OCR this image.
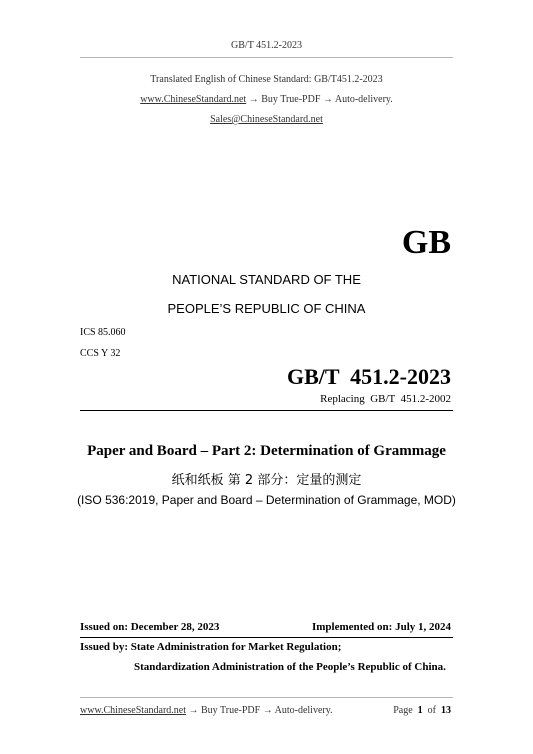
GB/T 451.2-2023
Translated English of Chinese Standard: GB/T451.2-2023
www.ChineseStandard.net → Buy True-PDF → Auto-delivery.
Sales@ChineseStandard.net
GB
NATIONAL STANDARD OF THE
PEOPLE’S REPUBLIC OF CHINA
ICS 85.060
CCS Y 32
GB/T  451.2-2023
Replacing  GB/T  451.2-2002
Paper and Board – Part 2: Determination of Grammage
纸和纸板 第 2 部分：定量的测定
(ISO 536:2019, Paper and Board – Determination of Grammage, MOD)
Issued on: December 28, 2023	Implemented on: July 1, 2024
Issued by: State Administration for Market Regulation;
Standardization Administration of the People’s Republic of China.
www.ChineseStandard.net → Buy True-PDF → Auto-delivery.	Page 1 of 13
